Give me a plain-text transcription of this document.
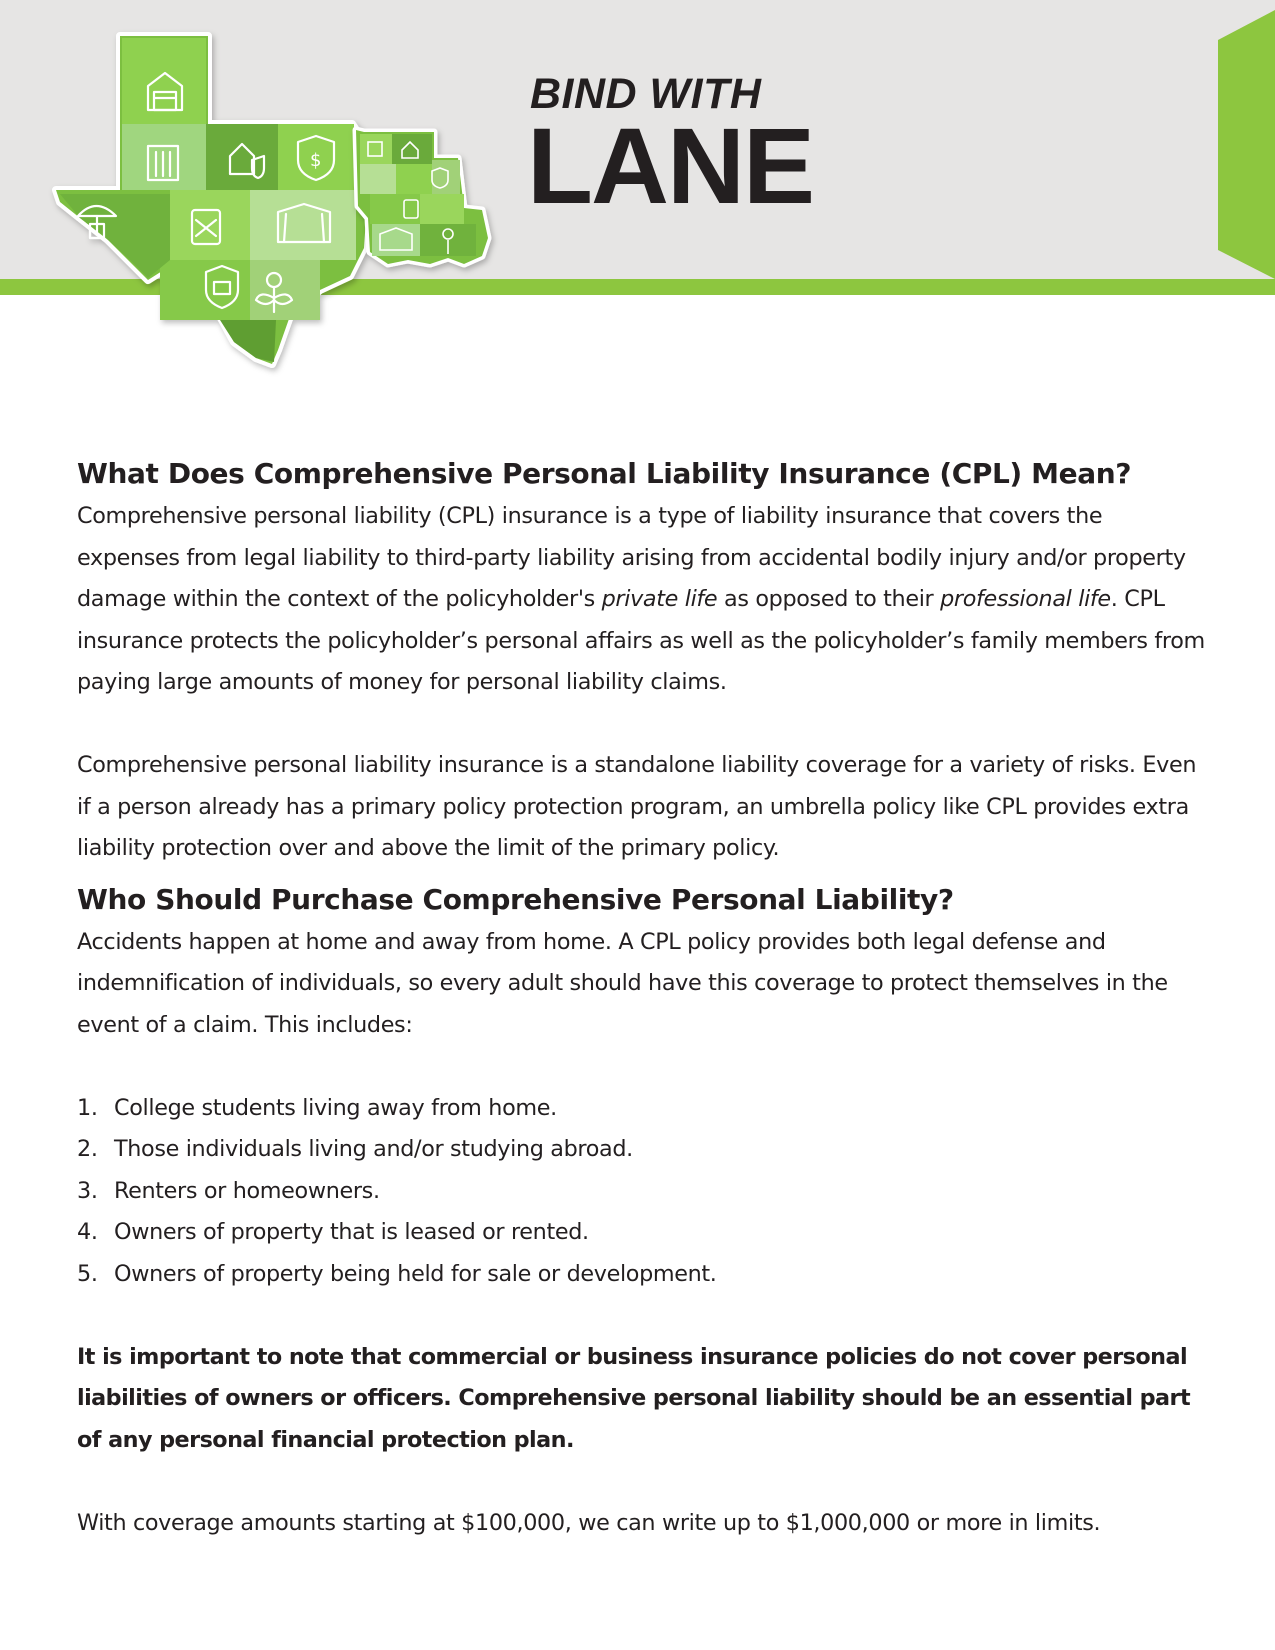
BIND WITH
LANE
$
What Does Comprehensive Personal Liability Insurance (CPL) Mean?

Comprehensive personal liability (CPL) insurance is a type of liability insurance that covers the expenses from legal liability to third-party liability arising from accidental bodily injury and/or property damage within the context of the policyholder's private life as opposed to their professional life. CPL insurance protects the policyholder’s personal affairs as well as the policyholder’s family members from paying large amounts of money for personal liability claims.

Comprehensive personal liability insurance is a standalone liability coverage for a variety of risks. Even if a person already has a primary policy protection program, an umbrella policy like CPL provides extra liability protection over and above the limit of the primary policy.

Who Should Purchase Comprehensive Personal Liability?

Accidents happen at home and away from home. A CPL policy provides both legal defense and indemnification of individuals, so every adult should have this coverage to protect themselves in the event of a claim. This includes:

1. College students living away from home.
2. Those individuals living and/or studying abroad.
3. Renters or homeowners.
4. Owners of property that is leased or rented.
5. Owners of property being held for sale or development.

It is important to note that commercial or business insurance policies do not cover personal liabilities of owners or officers. Comprehensive personal liability should be an essential part of any personal financial protection plan.

With coverage amounts starting at $100,000, we can write up to $1,000,000 or more in limits.
